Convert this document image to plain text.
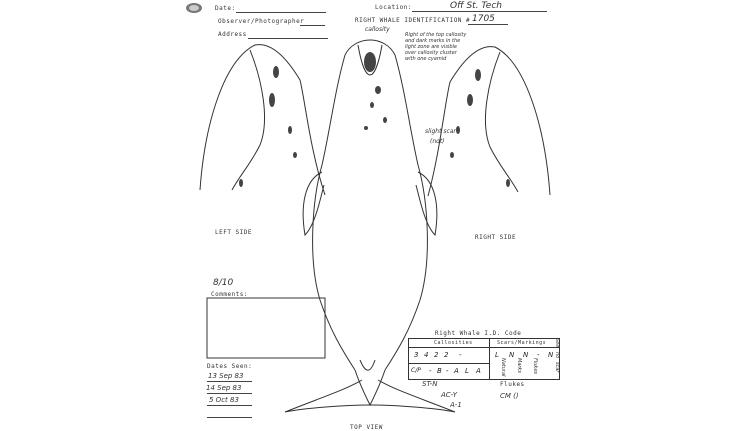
Date:	Location:	Off St. Tech
Observer/Photographer	RIGHT WHALE IDENTIFICATION # 1705
Address
LEFT SIDE
RIGHT SIDE
TOP VIEW
callosity
Right of the top callosity
and dark marks in the
light zone are visible
over callosity cluster
with one cyamid
slight scar
(not)
8/10
Comments:
Dates Seen:
13 Sep 83
14 Sep 83
5 Oct 83
Right Whale I.D. Code
Callosities	Scars/Markings
3 4 2 2 -	L N N - N
C/P - B - A L A	Natural Marks Flukes
ST-N
AC-Y
A-1
Flukes
CM ()
See
no
scar
